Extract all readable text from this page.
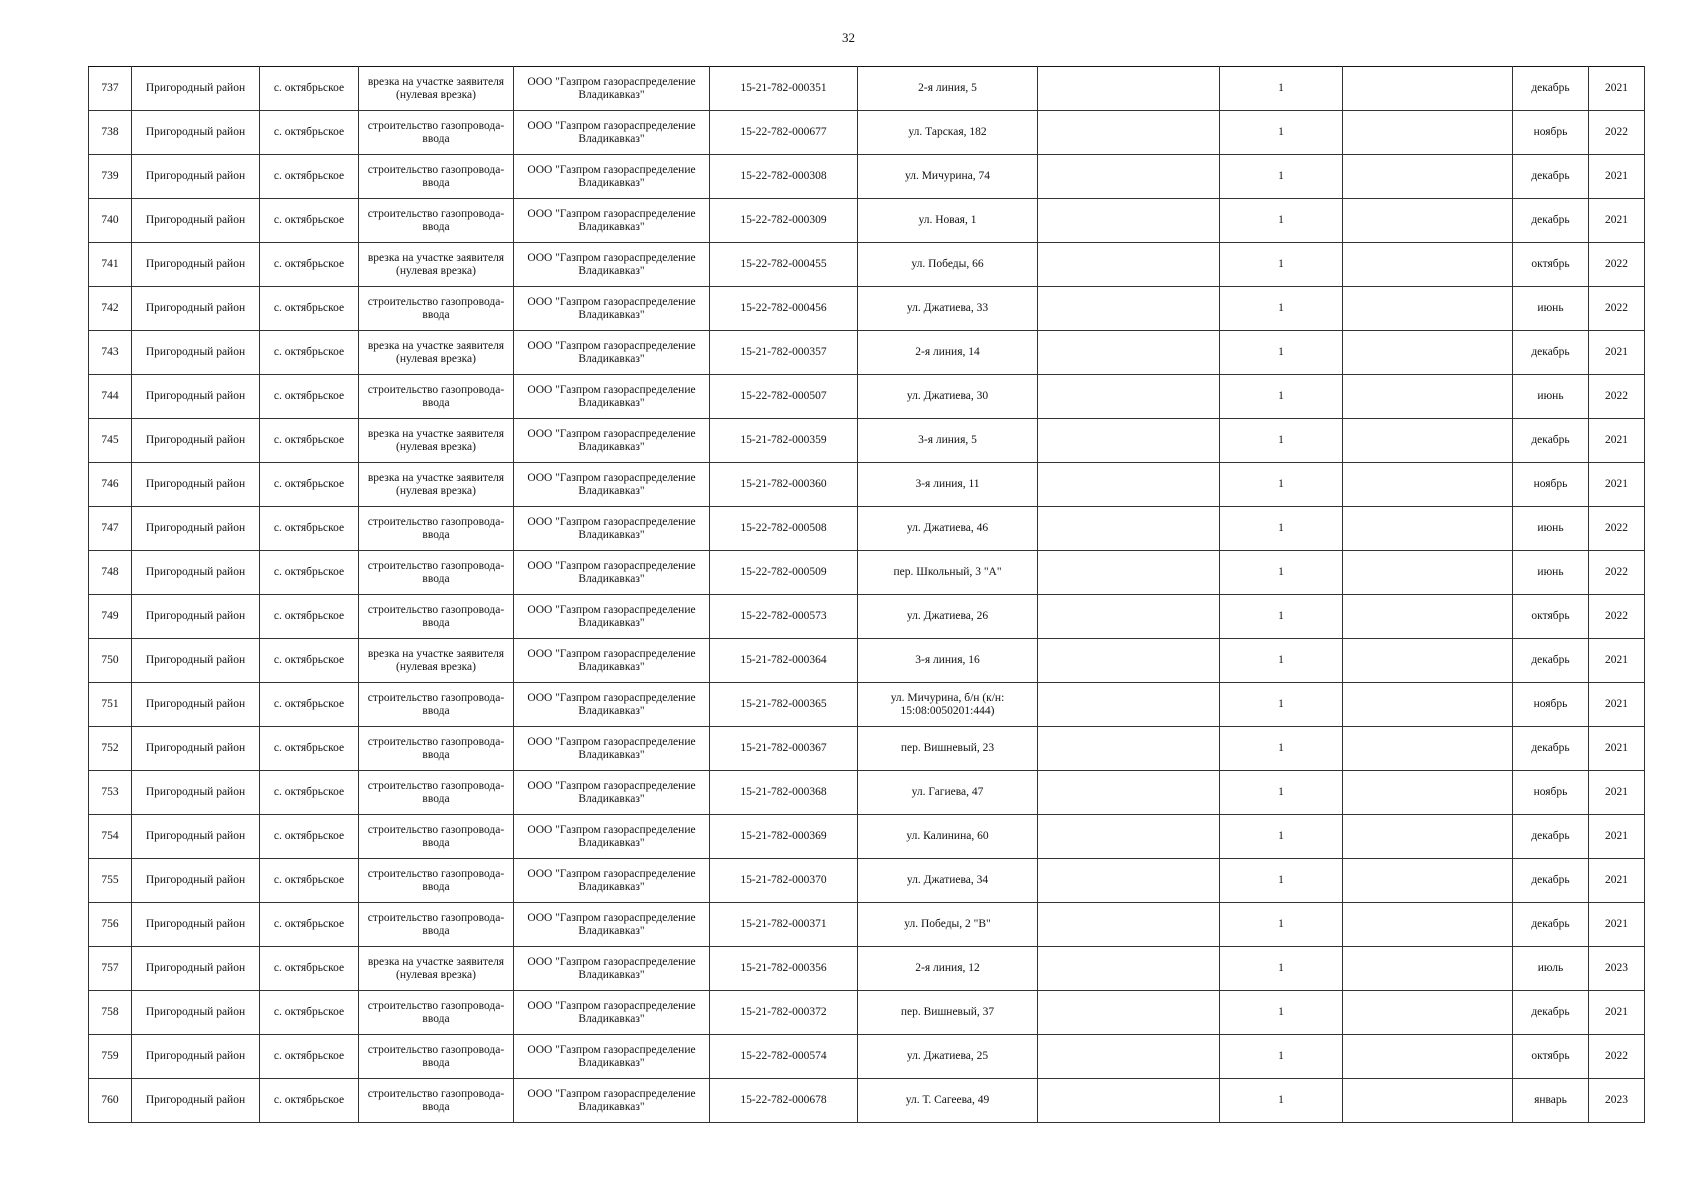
32
737	Пригородный район	с. октябрьское	врезка на участке заявителя (нулевая врезка)	ООО "Газпром газораспределение Владикавказ"	15-21-782-000351	2-я линия, 5		1		декабрь	2021
738	Пригородный район	с. октябрьское	строительство газопровода-ввода	ООО "Газпром газораспределение Владикавказ"	15-22-782-000677	ул. Тарская, 182		1		ноябрь	2022
739	Пригородный район	с. октябрьское	строительство газопровода-ввода	ООО "Газпром газораспределение Владикавказ"	15-22-782-000308	ул. Мичурина, 74		1		декабрь	2021
740	Пригородный район	с. октябрьское	строительство газопровода-ввода	ООО "Газпром газораспределение Владикавказ"	15-22-782-000309	ул. Новая, 1		1		декабрь	2021
741	Пригородный район	с. октябрьское	врезка на участке заявителя (нулевая врезка)	ООО "Газпром газораспределение Владикавказ"	15-22-782-000455	ул. Победы, 66		1		октябрь	2022
742	Пригородный район	с. октябрьское	строительство газопровода-ввода	ООО "Газпром газораспределение Владикавказ"	15-22-782-000456	ул. Джатиева, 33		1		июнь	2022
743	Пригородный район	с. октябрьское	врезка на участке заявителя (нулевая врезка)	ООО "Газпром газораспределение Владикавказ"	15-21-782-000357	2-я линия, 14		1		декабрь	2021
744	Пригородный район	с. октябрьское	строительство газопровода-ввода	ООО "Газпром газораспределение Владикавказ"	15-22-782-000507	ул. Джатиева, 30		1		июнь	2022
745	Пригородный район	с. октябрьское	врезка на участке заявителя (нулевая врезка)	ООО "Газпром газораспределение Владикавказ"	15-21-782-000359	3-я линия, 5		1		декабрь	2021
746	Пригородный район	с. октябрьское	врезка на участке заявителя (нулевая врезка)	ООО "Газпром газораспределение Владикавказ"	15-21-782-000360	3-я линия, 11		1		ноябрь	2021
747	Пригородный район	с. октябрьское	строительство газопровода-ввода	ООО "Газпром газораспределение Владикавказ"	15-22-782-000508	ул. Джатиева, 46		1		июнь	2022
748	Пригородный район	с. октябрьское	строительство газопровода-ввода	ООО "Газпром газораспределение Владикавказ"	15-22-782-000509	пер. Школьный, 3 "А"		1		июнь	2022
749	Пригородный район	с. октябрьское	строительство газопровода-ввода	ООО "Газпром газораспределение Владикавказ"	15-22-782-000573	ул. Джатиева, 26		1		октябрь	2022
750	Пригородный район	с. октябрьское	врезка на участке заявителя (нулевая врезка)	ООО "Газпром газораспределение Владикавказ"	15-21-782-000364	3-я линия, 16		1		декабрь	2021
751	Пригородный район	с. октябрьское	строительство газопровода-ввода	ООО "Газпром газораспределение Владикавказ"	15-21-782-000365	ул. Мичурина, б/н (к/н: 15:08:0050201:444)		1		ноябрь	2021
752	Пригородный район	с. октябрьское	строительство газопровода-ввода	ООО "Газпром газораспределение Владикавказ"	15-21-782-000367	пер. Вишневый, 23		1		декабрь	2021
753	Пригородный район	с. октябрьское	строительство газопровода-ввода	ООО "Газпром газораспределение Владикавказ"	15-21-782-000368	ул. Гагиева, 47		1		ноябрь	2021
754	Пригородный район	с. октябрьское	строительство газопровода-ввода	ООО "Газпром газораспределение Владикавказ"	15-21-782-000369	ул. Калинина, 60		1		декабрь	2021
755	Пригородный район	с. октябрьское	строительство газопровода-ввода	ООО "Газпром газораспределение Владикавказ"	15-21-782-000370	ул. Джатиева, 34		1		декабрь	2021
756	Пригородный район	с. октябрьское	строительство газопровода-ввода	ООО "Газпром газораспределение Владикавказ"	15-21-782-000371	ул. Победы, 2 "В"		1		декабрь	2021
757	Пригородный район	с. октябрьское	врезка на участке заявителя (нулевая врезка)	ООО "Газпром газораспределение Владикавказ"	15-21-782-000356	2-я линия, 12		1		июль	2023
758	Пригородный район	с. октябрьское	строительство газопровода-ввода	ООО "Газпром газораспределение Владикавказ"	15-21-782-000372	пер. Вишневый, 37		1		декабрь	2021
759	Пригородный район	с. октябрьское	строительство газопровода-ввода	ООО "Газпром газораспределение Владикавказ"	15-22-782-000574	ул. Джатиева, 25		1		октябрь	2022
760	Пригородный район	с. октябрьское	строительство газопровода-ввода	ООО "Газпром газораспределение Владикавказ"	15-22-782-000678	ул. Т. Сагеева, 49		1		январь	2023
